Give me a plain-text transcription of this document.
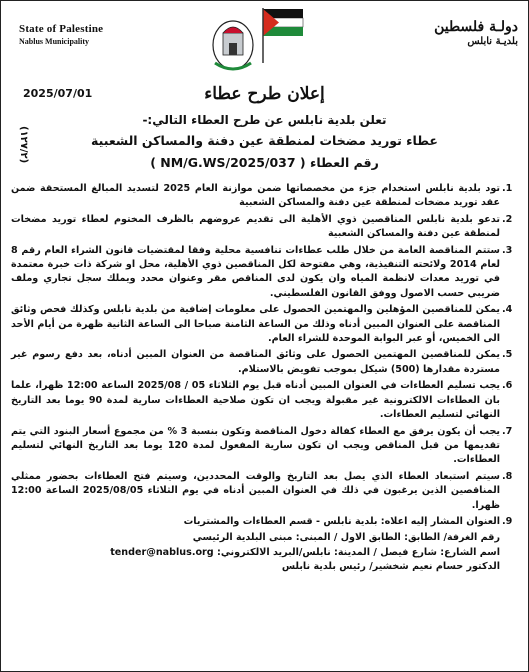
State of Palestine
Nablus Municipality
دولـة فلسطين
بلديـة نابلس
2025/07/01
(١٢٧/٢)
إعلان طرح عطاء
تعلن بلدية نابلس عن طرح العطاء التالي:-
عطاء توريد مضخات لمنطقة عين دفنة والمساكن الشعبية
رقم العطاء ( NM/G.WS/2025/037 )
1.
تود بلدية نابلس استخدام جزء من مخصصاتها ضمن موازنة العام 2025 لتسديد المبالغ المستحقة ضمن عقد توريد مضخات لمنطقة عين دفنة والمساكن الشعبية
2.
تدعو بلدية نابلس المناقصين ذوي الأهلية الى تقديم عروضهم بالظرف المختوم لعطاء توريد مضخات لمنطقة عين دفنة والمساكن الشعبية
3.
ستتم المناقصة العامة من خلال طلب عطاءات تنافسية محلية وفقا لمقتضيات قانون الشراء العام رقم 8 لعام 2014 ولائحته التنفيذية، وهي مفتوحة لكل المناقصين ذوي الأهلية، محل او شركة ذات خبرة معتمدة في توريد معدات لانظمة المياه وان يكون لدى المناقص مقر وعنوان محدد ويملك سجل تجاري وملف ضريبي حسب الاصول ووفق القانون الفلسطيني.
4.
يمكن للمناقصين المؤهلين والمهتمين الحصول على معلومات إضافية من بلدية نابلس وكذلك فحص وثائق المناقصة على العنوان المبين أدناه وذلك من الساعة الثامنة صباحا الى الساعة الثانية ظهرة من أيام الأحد الى الخميس، أو عبر البوابة الموحدة للشراء العام.
5.
يمكن للمناقصين المهتمين الحصول على وثائق المناقصة من العنوان المبين أدناه، بعد دفع رسوم غير مستردة مقدارها (500) شيكل بموجب تفويض بالاستلام.
6.
يجب تسليم العطاءات في العنوان المبين أدناه قبل يوم الثلاثاء 05 / 2025/08 الساعة 12:00 ظهرا، علما بان العطاءات الالكترونية غير مقبولة ويجب ان تكون صلاحية العطاءات سارية لمدة 90 يوما بعد التاريخ النهائي لتسليم العطاءات.
7.
يجب أن يكون يرفق مع العطاء كفالة دخول المناقصة وتكون بنسبة 3 % من مجموع أسعار البنود التي يتم تقديمها من قبل المناقص ويجب ان تكون سارية المفعول لمدة 120 يوما بعد التاريخ النهائي لتسليم العطاءات.
8.
سيتم استبعاد العطاء الذي يصل بعد التاريخ والوقت المحددين، وسيتم فتح العطاءات بحضور ممثلي المناقصين الذين يرغبون في ذلك في العنوان المبين أدناه في يوم الثلاثاء 2025/08/05 الساعة 12:00 ظهرا.
9.
العنوان المشار إليه اعلاه: بلدية نابلس - قسم العطاءات والمشتريات
رقم الغرفة/ الطابق: الطابق الاول / المبنى: مبنى البلدية الرئيسي
اسم الشارع: شارع فيصل / المدينة: نابلس/البريد الالكتروني: tender@nablus.org
الدكتور حسام نعيم شخشير/ رئيس بلدية نابلس
